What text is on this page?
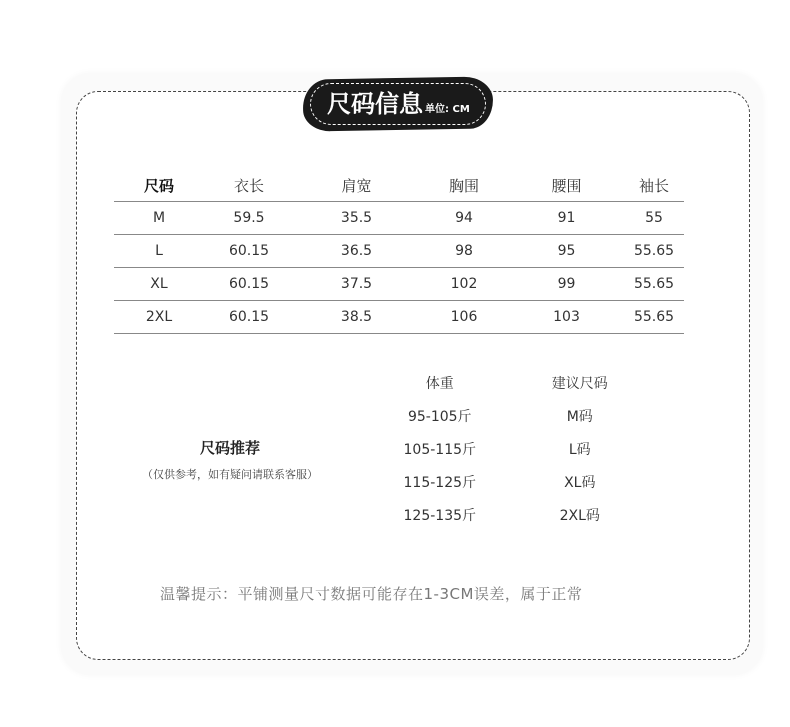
尺码信息 单位: CM
尺码	衣长	肩宽	胸围	腰围	袖长
M	59.5	35.5	94	91	55
L	60.15	36.5	98	95	55.65
XL	60.15	37.5	102	99	55.65
2XL	60.15	38.5	106	103	55.65
尺码推荐
（仅供参考，如有疑问请联系客服）
体重	建议尺码
95-105斤	M码
105-115斤	L码
115-125斤	XL码
125-135斤	2XL码
温馨提示：平铺测量尺寸数据可能存在1-3CM误差，属于正常
